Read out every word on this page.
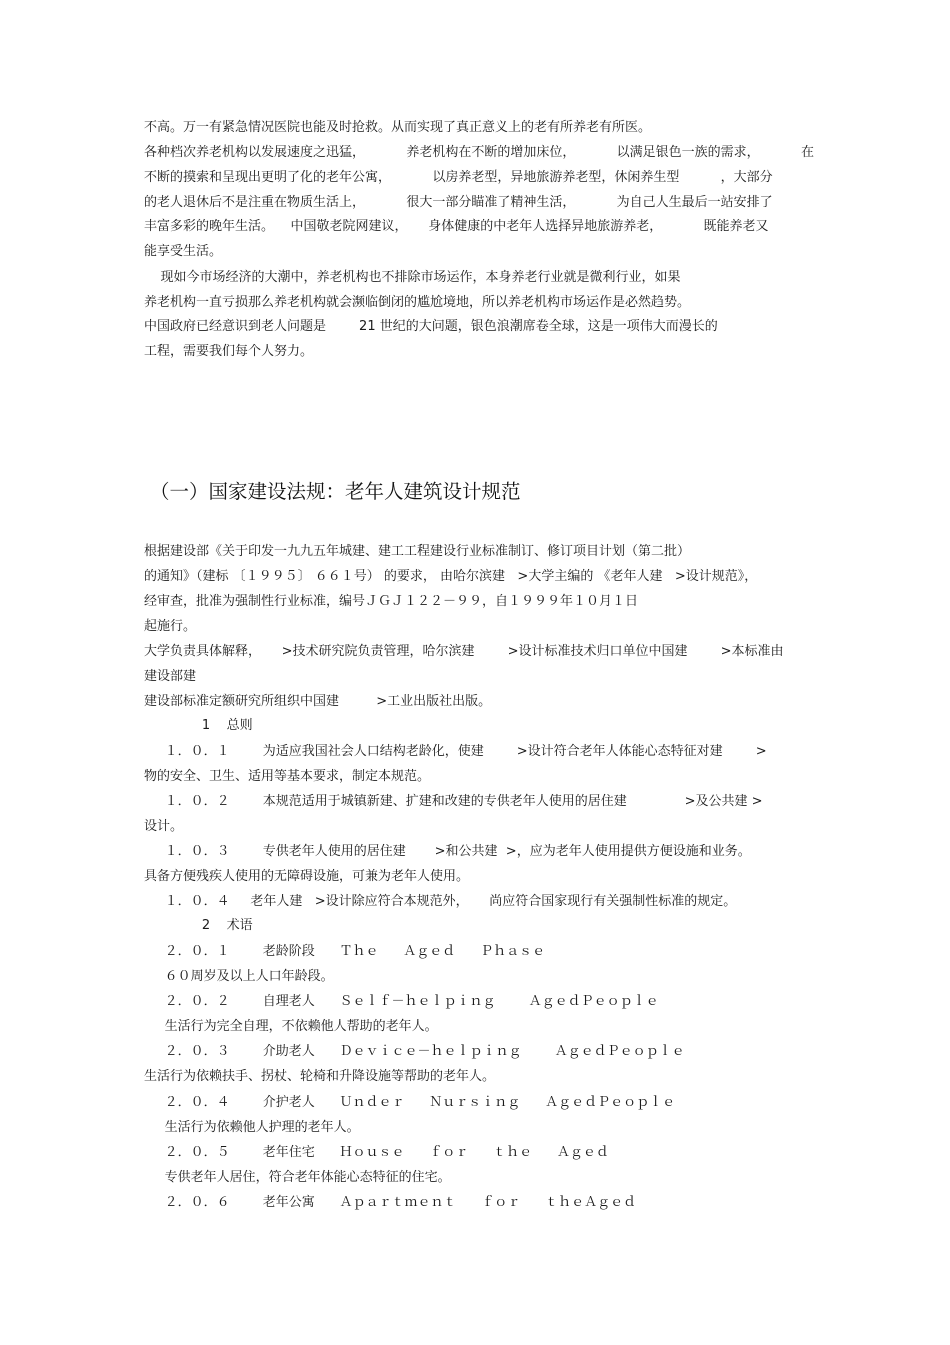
不高。万一有紧急情况医院也能及时抢救。从而实现了真正意义上的老有所养老有所医。
各种档次养老机构以发展速度之迅猛，          养老机构在不断的增加床位，          以满足银色一族的需求，          在
不断的摸索和呈现出更明了化的老年公寓，          以房养老型，异地旅游养老型，休闲养生型          ，大部分
的老人退休后不是注重在物质生活上，          很大一部分瞄准了精神生活，          为自己人生最后一站安排了
丰富多彩的晚年生活。    中国敬老院网建议，     身体健康的中老年人选择异地旅游养老，          既能养老又
能享受生活。
现如今市场经济的大潮中，养老机构也不排除市场运作，本身养老行业就是微利行业，如果
养老机构一直亏损那么养老机构就会濒临倒闭的尴尬境地，所以养老机构市场运作是必然趋势。
中国政府已经意识到老人问题是        21 世纪的大问题，银色浪潮席卷全球，这是一项伟大而漫长的
工程，需要我们每个人努力。
（一）国家建设法规：老年人建筑设计规范
根据建设部《关于印发一九九五年城建、建工工程建设行业标准制订、修订项目计划（第二批）
的通知》（建标 〔１９９５〕 ６６１号） 的要求， 由哈尔滨建   >大学主编的 《老年人建   >设计规范》，
经审查，批准为强制性行业标准，编号ＪＧＪ１２２－９９，自１９９９年１０月１日
起施行。
大学负责具体解释，     >技术研究院负责管理，哈尔滨建        >设计标准技术归口单位中国建        >本标准由
建设部建
建设部标准定额研究所组织中国建         >工业出版社出版。
1    总则
１．０．１        为适应我国社会人口结构老龄化，使建        >设计符合老年人体能心态特征对建        >
物的安全、卫生、适用等基本要求，制定本规范。
１．０．２        本规范适用于城镇新建、扩建和改建的专供老年人使用的居住建              >及公共建 >
设计。
１．０．３        专供老年人使用的居住建       >和公共建  >，应为老年人使用提供方便设施和业务。
具备方便残疾人使用的无障碍设施，可兼为老年人使用。
１．０．４     老年人建   >设计除应符合本规范外，     尚应符合国家现行有关强制性标准的规定。
2    术语
２．０．１        老龄阶段      Ｔｈｅ      Ａｇｅｄ      Ｐｈａｓｅ
６０周岁及以上人口年龄段。
２．０．２        自理老人      Ｓｅｌｆ－ｈｅｌｐｉｎｇ        ＡｇｅｄＰｅｏｐｌｅ
生活行为完全自理，不依赖他人帮助的老年人。
２．０．３        介助老人      Ｄｅｖｉｃｅ－ｈｅｌｐｉｎｇ        ＡｇｅｄＰｅｏｐｌｅ
生活行为依赖扶手、拐杖、轮椅和升降设施等帮助的老年人。
２．０．４        介护老人      Ｕｎｄｅｒ      Ｎｕｒｓｉｎｇ      ＡｇｅｄＰｅｏｐｌｅ
生活行为依赖他人护理的老年人。
２．０．５        老年住宅      Ｈｏｕｓｅ      ｆｏｒ      ｔｈｅ      Ａｇｅｄ
专供老年人居住，符合老年体能心态特征的住宅。
２．０．６        老年公寓      Ａｐａｒｔｍｅｎｔ      ｆｏｒ      ｔｈｅＡｇｅｄ
